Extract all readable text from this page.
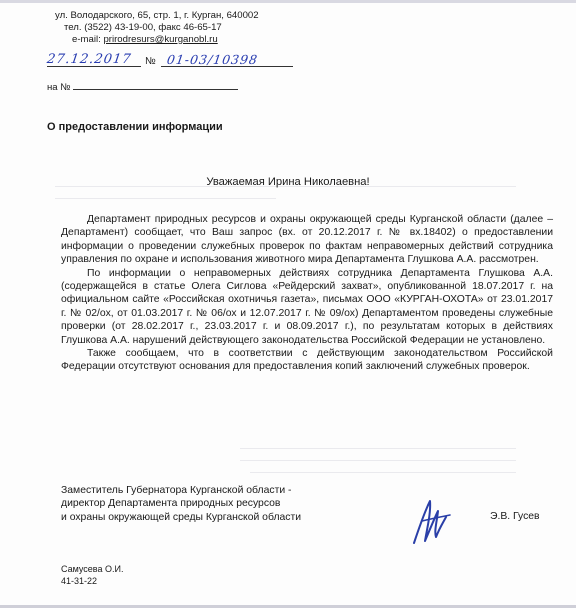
ул. Володарского, 65, стр. 1, г. Курган, 640002
тел. (3522) 43-19-00, факс 46-65-17
e-mail: prirodresurs@kurganobl.ru
27.12.2017 № 01-03/10398
на №
О предоставлении информации
Уважаемая Ирина Николаевна!

Департамент природных ресурсов и охраны окружающей среды Курганской области (далее – Департамент) сообщает, что Ваш запрос (вх. от 20.12.2017 г. № вх.18402) о предоставлении информации о проведении служебных проверок по фактам неправомерных действий сотрудника управления по охране и использования животного мира Департамента Глушкова А.А. рассмотрен.

По информации о неправомерных действиях сотрудника Департамента Глушкова А.А. (содержащейся в статье Олега Сиглова «Рейдерский захват», опубликованной 18.07.2017 г. на официальном сайте «Российская охотничья газета», письмах ООО «КУРГАН-ОХОТА» от 23.01.2017 г. № 02/ох, от 01.03.2017 г. № 06/ох и 12.07.2017 г. № 09/ох) Департаментом проведены служебные проверки (от 28.02.2017 г., 23.03.2017 г. и 08.09.2017 г.), по результатам которых в действиях Глушкова А.А. нарушений действующего законодательства Российской Федерации не установлено.

Также сообщаем, что в соответствии с действующим законодательством Российской Федерации отсутствуют основания для предоставления копий заключений служебных проверок.

Заместитель Губернатора Курганской области -
директор Департамента природных ресурсов
и охраны окружающей среды Курганской области	Э.В. Гусев
Самусева О.И.
41-31-22
